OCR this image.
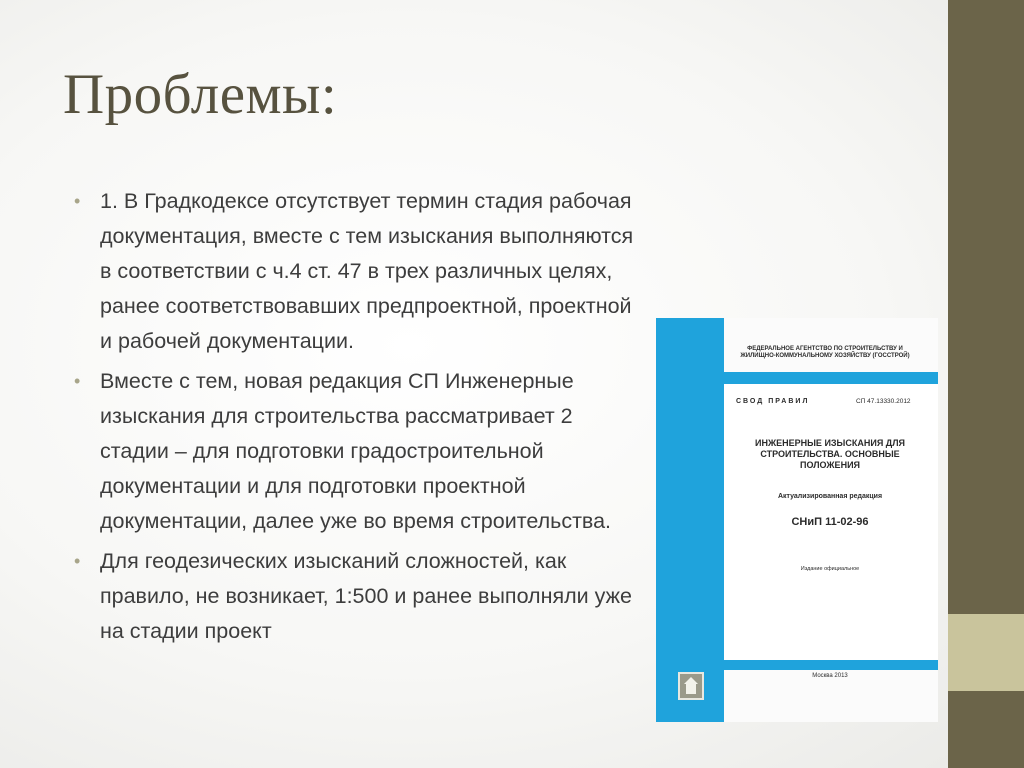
Проблемы:
• 1. В Градкодексе отсутствует термин стадия рабочая документация, вместе с тем изыскания выполняются в соответствии с ч.4 ст. 47 в трех различных целях, ранее соответствовавших предпроектной, проектной и рабочей документации.
• Вместе с тем, новая редакция СП Инженерные изыскания для строительства рассматривает 2 стадии – для подготовки градостроительной документации и для подготовки проектной документации, далее уже во время строительства.
• Для геодезических изысканий сложностей, как правило, не возникает, 1:500 и ранее выполняли уже на стадии проект
ФЕДЕРАЛЬНОЕ АГЕНТСТВО ПО СТРОИТЕЛЬСТВУ И ЖИЛИЩНО-КОММУНАЛЬНОМУ ХОЗЯЙСТВУ (ГОССТРОЙ)
СВОД ПРАВИЛ	СП 47.13330.2012
ИНЖЕНЕРНЫЕ ИЗЫСКАНИЯ ДЛЯ СТРОИТЕЛЬСТВА. ОСНОВНЫЕ ПОЛОЖЕНИЯ
Актуализированная редакция
СНиП 11-02-96
Издание официальное
Москва 2013
